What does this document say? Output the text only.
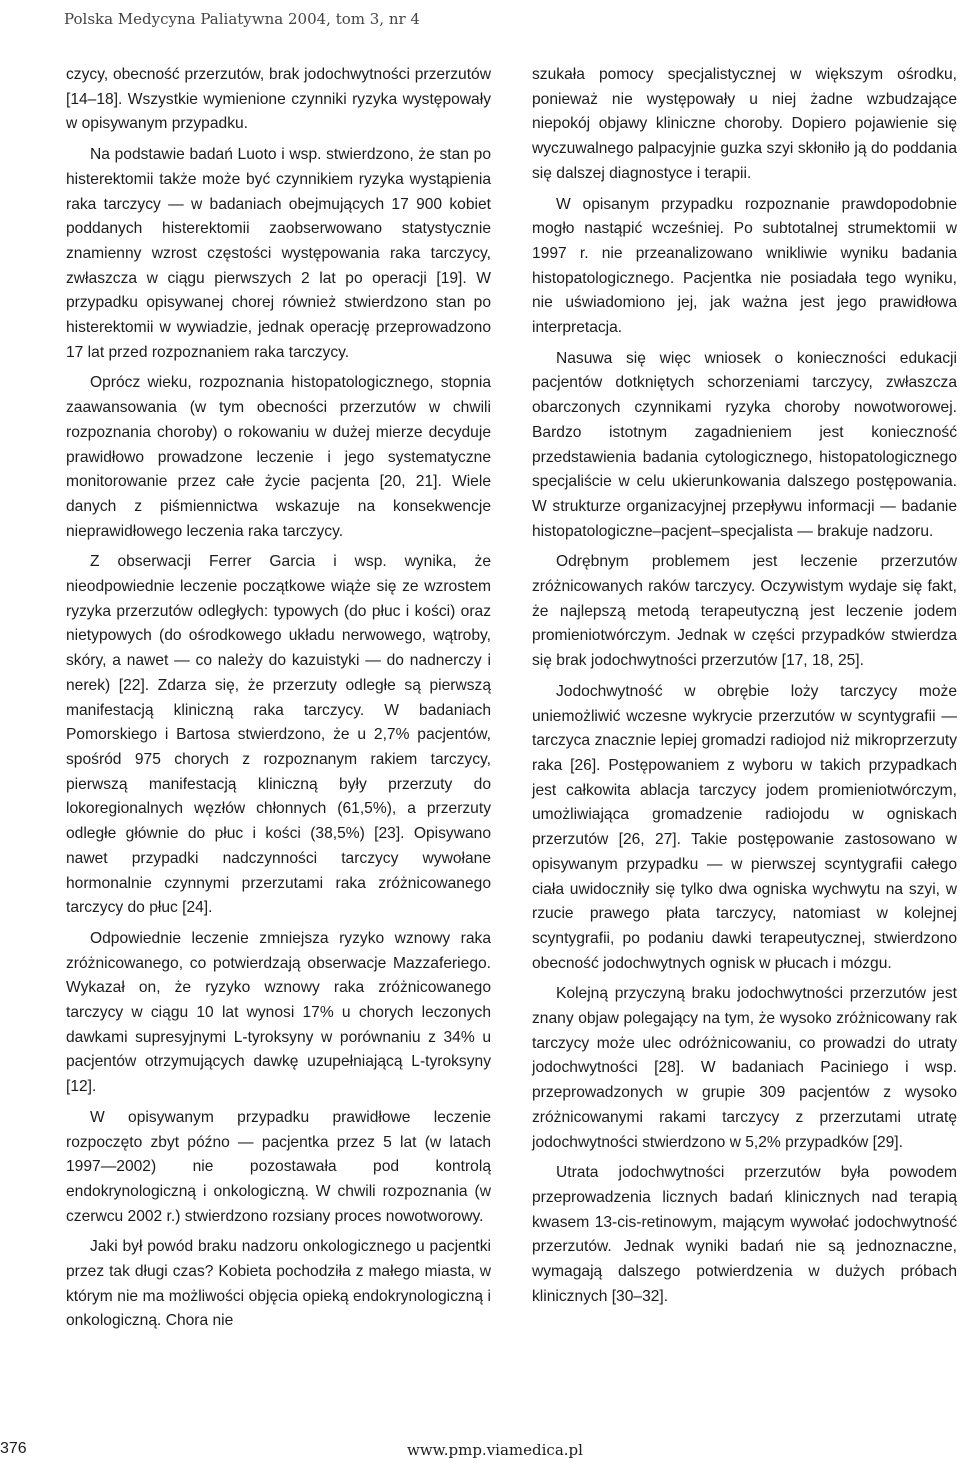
Polska Medycyna Paliatywna 2004, tom 3, nr 4

czycy, obecność przerzutów, brak jodochwytności przerzutów [14–18]. Wszystkie wymienione czynniki ryzyka występowały w opisywanym przypadku.

Na podstawie badań Luoto i wsp. stwierdzono, że stan po histerektomii także może być czynnikiem ryzyka wystąpienia raka tarczycy — w badaniach obejmujących 17 900 kobiet poddanych histerektomii zaobserwowano statystycznie znamienny wzrost częstości występowania raka tarczycy, zwłaszcza w ciągu pierwszych 2 lat po operacji [19]. W przypadku opisywanej chorej również stwierdzono stan po histerektomii w wywiadzie, jednak operację przeprowadzono 17 lat przed rozpoznaniem raka tarczycy.

Oprócz wieku, rozpoznania histopatologicznego, stopnia zaawansowania (w tym obecności przerzutów w chwili rozpoznania choroby) o rokowaniu w dużej mierze decyduje prawidłowo prowadzone leczenie i jego systematyczne monitorowanie przez całe życie pacjenta [20, 21]. Wiele danych z piśmiennictwa wskazuje na konsekwencje nieprawidłowego leczenia raka tarczycy.

Z obserwacji Ferrer Garcia i wsp. wynika, że nieodpowiednie leczenie początkowe wiąże się ze wzrostem ryzyka przerzutów odległych: typowych (do płuc i kości) oraz nietypowych (do ośrodkowego układu nerwowego, wątroby, skóry, a nawet — co należy do kazuistyki — do nadnerczy i nerek) [22]. Zdarza się, że przerzuty odległe są pierwszą manifestacją kliniczną raka tarczycy. W badaniach Pomorskiego i Bartosa stwierdzono, że u 2,7% pacjentów, spośród 975 chorych z rozpoznanym rakiem tarczycy, pierwszą manifestacją kliniczną były przerzuty do lokoregionalnych węzłów chłonnych (61,5%), a przerzuty odległe głównie do płuc i kości (38,5%) [23]. Opisywano nawet przypadki nadczynności tarczycy wywołane hormonalnie czynnymi przerzutami raka zróżnicowanego tarczycy do płuc [24].

Odpowiednie leczenie zmniejsza ryzyko wznowy raka zróżnicowanego, co potwierdzają obserwacje Mazzaferiego. Wykazał on, że ryzyko wznowy raka zróżnicowanego tarczycy w ciągu 10 lat wynosi 17% u chorych leczonych dawkami supresyjnymi L-tyroksyny w porównaniu z 34% u pacjentów otrzymujących dawkę uzupełniającą L-tyroksyny [12].

W opisywanym przypadku prawidłowe leczenie rozpoczęto zbyt późno — pacjentka przez 5 lat (w latach 1997—2002) nie pozostawała pod kontrolą endokrynologiczną i onkologiczną. W chwili rozpoznania (w czerwcu 2002 r.) stwierdzono rozsiany proces nowotworowy.

Jaki był powód braku nadzoru onkologicznego u pacjentki przez tak długi czas? Kobieta pochodziła z małego miasta, w którym nie ma możliwości objęcia opieką endokrynologiczną i onkologiczną. Chora nie

szukała pomocy specjalistycznej w większym ośrodku, ponieważ nie występowały u niej żadne wzbudzające niepokój objawy kliniczne choroby. Dopiero pojawienie się wyczuwalnego palpacyjnie guzka szyi skłoniło ją do poddania się dalszej diagnostyce i terapii.

W opisanym przypadku rozpoznanie prawdopodobnie mogło nastąpić wcześniej. Po subtotalnej strumektomii w 1997 r. nie przeanalizowano wnikliwie wyniku badania histopatologicznego. Pacjentka nie posiadała tego wyniku, nie uświadomiono jej, jak ważna jest jego prawidłowa interpretacja.

Nasuwa się więc wniosek o konieczności edukacji pacjentów dotkniętych schorzeniami tarczycy, zwłaszcza obarczonych czynnikami ryzyka choroby nowotworowej. Bardzo istotnym zagadnieniem jest konieczność przedstawienia badania cytologicznego, histopatologicznego specjaliście w celu ukierunkowania dalszego postępowania. W strukturze organizacyjnej przepływu informacji — badanie histopatologiczne–pacjent–specjalista — brakuje nadzoru.

Odrębnym problemem jest leczenie przerzutów zróżnicowanych raków tarczycy. Oczywistym wydaje się fakt, że najlepszą metodą terapeutyczną jest leczenie jodem promieniotwórczym. Jednak w części przypadków stwierdza się brak jodochwytności przerzutów [17, 18, 25].

Jodochwytność w obrębie loży tarczycy może uniemożliwić wczesne wykrycie przerzutów w scyntygrafii — tarczyca znacznie lepiej gromadzi radiojod niż mikroprzerzuty raka [26]. Postępowaniem z wyboru w takich przypadkach jest całkowita ablacja tarczycy jodem promieniotwórczym, umożliwiająca gromadzenie radiojodu w ogniskach przerzutów [26, 27]. Takie postępowanie zastosowano w opisywanym przypadku — w pierwszej scyntygrafii całego ciała uwidoczniły się tylko dwa ogniska wychwytu na szyi, w rzucie prawego płata tarczycy, natomiast w kolejnej scyntygrafii, po podaniu dawki terapeutycznej, stwierdzono obecność jodochwytnych ognisk w płucach i mózgu.

Kolejną przyczyną braku jodochwytności przerzutów jest znany objaw polegający na tym, że wysoko zróżnicowany rak tarczycy może ulec odróżnicowaniu, co prowadzi do utraty jodochwytności [28]. W badaniach Paciniego i wsp. przeprowadzonych w grupie 309 pacjentów z wysoko zróżnicowanymi rakami tarczycy z przerzutami utratę jodochwytności stwierdzono w 5,2% przypadków [29].

Utrata jodochwytności przerzutów była powodem przeprowadzenia licznych badań klinicznych nad terapią kwasem 13-cis-retinowym, mającym wywołać jodochwytność przerzutów. Jednak wyniki badań nie są jednoznaczne, wymagają dalszego potwierdzenia w dużych próbach klinicznych [30–32].

376	www.pmp.viamedica.pl
